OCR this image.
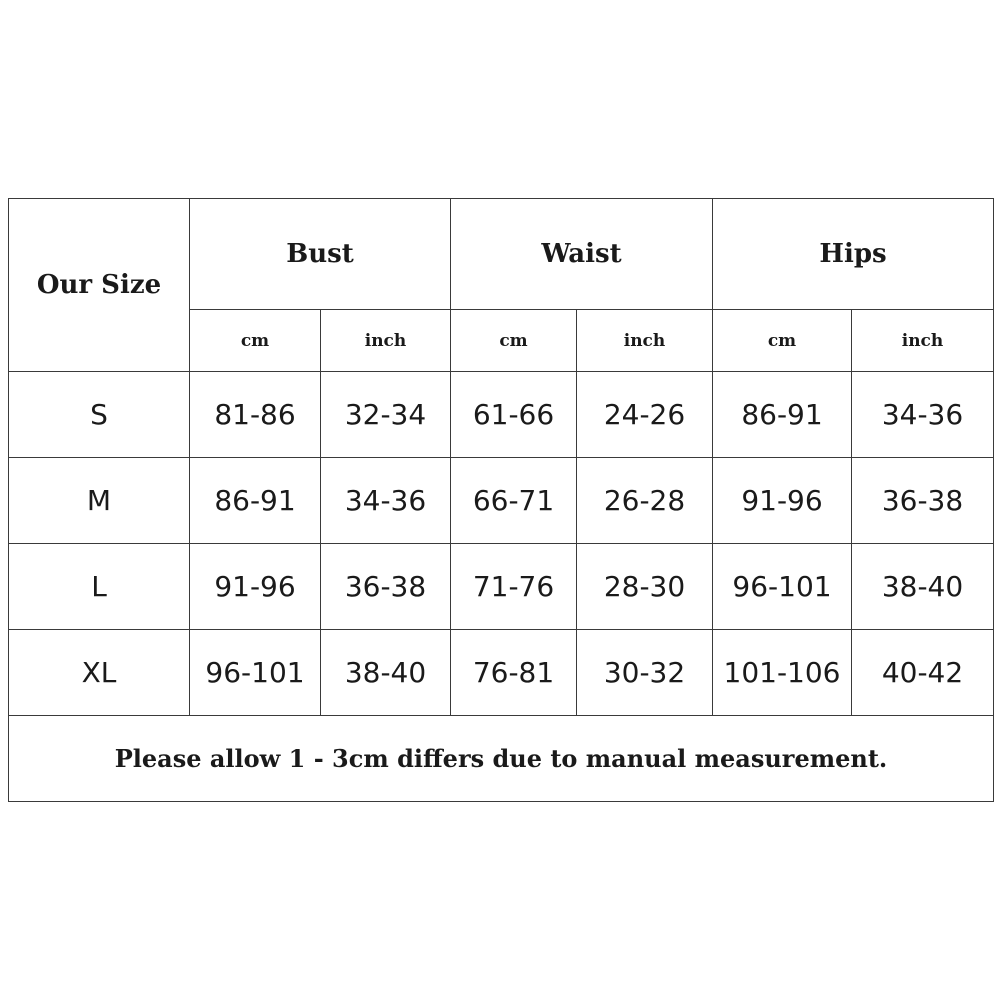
Our Size	Bust		Waist		Hips	
	cm	inch	cm	inch	cm	inch
S	81-86	32-34	61-66	24-26	86-91	34-36
M	86-91	34-36	66-71	26-28	91-96	36-38
L	91-96	36-38	71-76	28-30	96-101	38-40
XL	96-101	38-40	76-81	30-32	101-106	40-42
Please allow 1 - 3cm differs due to manual measurement.						
